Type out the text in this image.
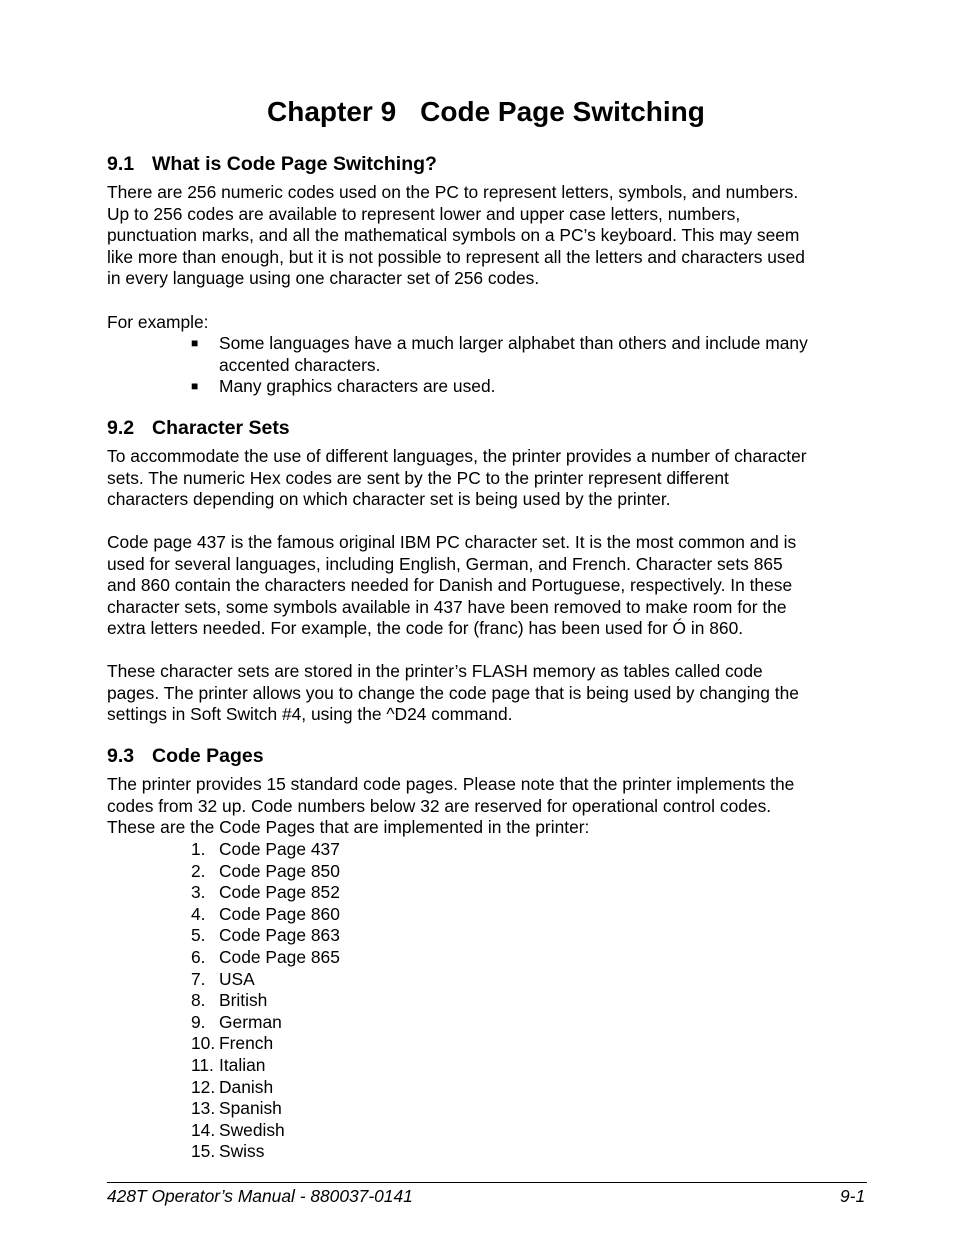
Chapter 9 Code Page Switching
9.1 What is Code Page Switching?

There are 256 numeric codes used on the PC to represent letters, symbols, and numbers.
Up to 256 codes are available to represent lower and upper case letters, numbers,
punctuation marks, and all the mathematical symbols on a PC’s keyboard. This may seem
like more than enough, but it is not possible to represent all the letters and characters used
in every language using one character set of 256 codes.

For example:

■ Some languages have a much larger alphabet than others and include many
accented characters.
■ Many graphics characters are used.
9.2 Character Sets

To accommodate the use of different languages, the printer provides a number of character
sets. The numeric Hex codes are sent by the PC to the printer represent different
characters depending on which character set is being used by the printer.

Code page 437 is the famous original IBM PC character set. It is the most common and is
used for several languages, including English, German, and French. Character sets 865
and 860 contain the characters needed for Danish and Portuguese, respectively. In these
character sets, some symbols available in 437 have been removed to make room for the
extra letters needed. For example, the code for (franc) has been used for Ó in 860.

These character sets are stored in the printer’s FLASH memory as tables called code
pages. The printer allows you to change the code page that is being used by changing the
settings in Soft Switch #4, using the ^D24 command.

9.3 Code Pages

The printer provides 15 standard code pages. Please note that the printer implements the
codes from 32 up. Code numbers below 32 are reserved for operational control codes.
These are the Code Pages that are implemented in the printer:

1. Code Page 437
2. Code Page 850
3. Code Page 852
4. Code Page 860
5. Code Page 863
6. Code Page 865
7. USA
8. British
9. German
10. French
11. Italian
12. Danish
13. Spanish
14. Swedish
15. Swiss
428T Operator’s Manual - 880037-0141	9-1
